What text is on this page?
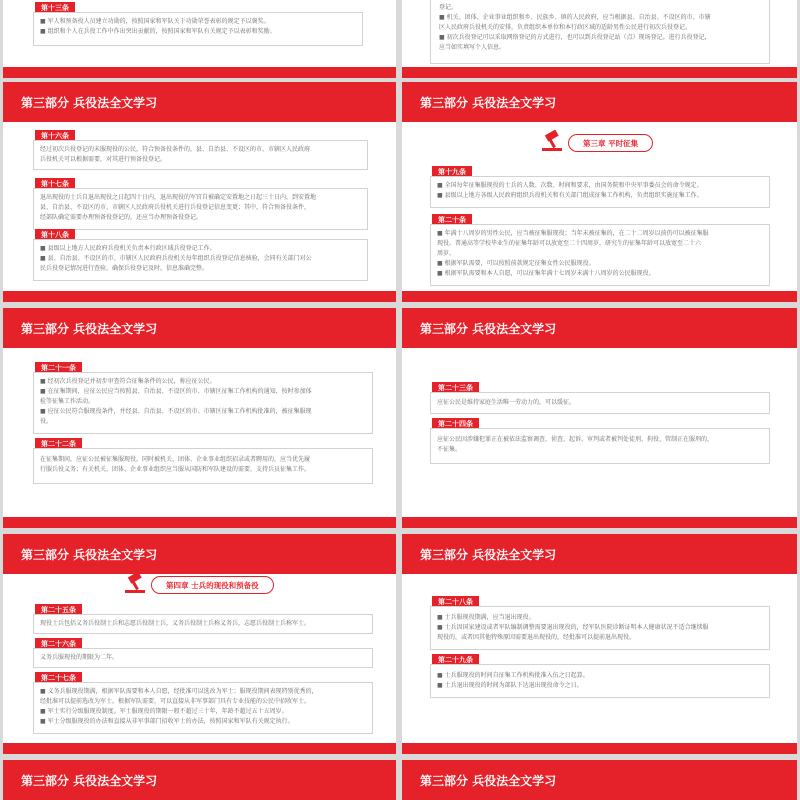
第十三条

■ 军人和预备役人员建立功勋的，按照国家和军队关于功勋荣誉表彰的规定予以褒奖。

■ 组织和个人在兵役工作中作出突出贡献的，按照国家和军队有关规定予以表彰和奖励。

登记。

■ 机关、团体、企业事业组织和乡、民族乡、镇的人民政府，应当根据县、自治县、不设区的市、市辖

区人民政府兵役机关的安排，负责组织本单位和本行政区域的适龄男性公民进行初次兵役登记。

■ 初次兵役登记可以采取网络登记的方式进行，也可以到兵役登记站（点）现场登记。进行兵役登记，

应当如实填写个人信息。

第三部分 兵役法全文学习
第十六条

经过初次兵役登记的未服现役的公民，符合预备役条件的，县、自治县、不设区的市、市辖区人民政府

兵役机关可以根据需要，对其进行预备役登记。

第十七条

退出现役的士兵自退出现役之日起四十日内，退出现役的军官自被确定安置地之日起三十日内，到安置地

县、自治县、不设区的市、市辖区人民政府兵役机关进行兵役登记信息变更；其中，符合预备役条件，

经部队确定需要办理预备役登记的，还应当办理预备役登记。

第十八条

■ 县级以上地方人民政府兵役机关负责本行政区域兵役登记工作。

■ 县、自治县、不设区的市、市辖区人民政府兵役机关每年组织兵役登记信息核验，会同有关部门对公

民兵役登记情况进行查验，确保兵役登记及时，信息准确完整。

第三部分 兵役法全文学习
第三章 平时征集
第十九条

■ 全国每年征集服现役的士兵的人数、次数、时间和要求，由国务院和中央军事委员会的命令规定。

■ 县级以上地方各级人民政府组织兵役机关和有关部门组成征集工作机构，负责组织实施征集工作。

第二十条

■ 年满十八周岁的男性公民，应当被征集服现役；当年未被征集的，在二十二周岁以前仍可以被征集服

现役。普通高等学校毕业生的征集年龄可以放宽至二十四周岁，研究生的征集年龄可以放宽至二十六

周岁。

■ 根据军队需要，可以按照前款规定征集女性公民服现役。

■ 根据军队需要和本人自愿，可以征集年满十七周岁未满十八周岁的公民服现役。

第三部分 兵役法全文学习
第二十一条

■ 经初次兵役登记并初步审查符合征集条件的公民，称应征公民。

■ 在征集期间，应征公民应当按照县、自治县、不设区的市、市辖区征集工作机构的通知，按时参加体

检等征集工作活动。

■ 应征公民符合服现役条件，并经县、自治县、不设区的市、市辖区征集工作机构批准的，被征集服现

役。

第二十二条

在征集期间，应征公民被征集服现役，同时被机关、团体、企业事业组织招录或者聘用的，应当优先履

行服兵役义务；有关机关、团体、企业事业组织应当服从国防和军队建设的需要，支持兵员征集工作。

第三部分 兵役法全文学习
第二十三条

应征公民是维持家庭生活唯一劳动力的，可以缓征。

第二十四条

应征公民因涉嫌犯罪正在被依法监察调查、侦查、起诉、审判或者被判处徒刑、拘役、管制正在服刑的，

不征集。

第三部分 兵役法全文学习
第四章 士兵的现役和预备役
第二十五条

现役士兵包括义务兵役制士兵和志愿兵役制士兵，义务兵役制士兵称义务兵，志愿兵役制士兵称军士。

第二十六条

义务兵服现役的期限为二年。

第二十七条

■ 义务兵服现役期满，根据军队需要和本人自愿，经批准可以选改为军士；服现役期间表现特别优秀的，

经批准可以提前选改为军士。根据军队需要，可以直接从非军事部门具有专业技能的公民中招收军士。

■ 军士实行分级服现役制度。军士服现役的期限一般不超过三十年，年龄不超过五十五周岁。

■ 军士分级服现役的办法和直接从非军事部门招收军士的办法，按照国家和军队有关规定执行。

第三部分 兵役法全文学习
第二十八条

■ 士兵服现役期满，应当退出现役。

■ 士兵因国家建设或者军队编制调整需要退出现役的，经军队医院诊断证明本人健康状况不适合继续服

现役的，或者因其他特殊原因需要退出现役的，经批准可以提前退出现役。

第二十九条

■ 士兵服现役的时间自征集工作机构批准入伍之日起算。

■ 士兵退出现役的时间为部队下达退出现役命令之日。

第三部分 兵役法全文学习	第三部分 兵役法全文学习
